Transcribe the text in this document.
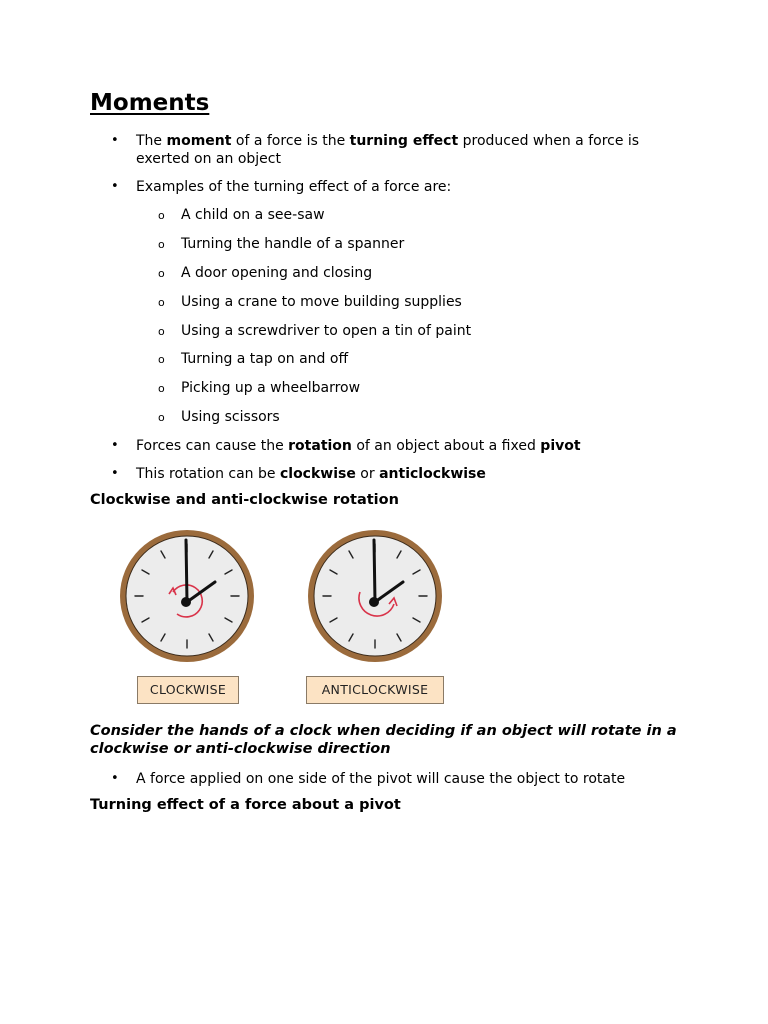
Moments
• The moment of a force is the turning effect produced when a force is exerted on an object
• Examples of the turning effect of a force are:
o A child on a see-saw
o Turning the handle of a spanner
o A door opening and closing
o Using a crane to move building supplies
o Using a screwdriver to open a tin of paint
o Turning a tap on and off
o Picking up a wheelbarrow
o Using scissors
• Forces can cause the rotation of an object about a fixed pivot
• This rotation can be clockwise or anticlockwise
Clockwise and anti-clockwise rotation
CLOCKWISE	ANTICLOCKWISE

Consider the hands of a clock when deciding if an object will rotate in a clockwise or anti-clockwise direction

• A force applied on one side of the pivot will cause the object to rotate
Turning effect of a force about a pivot
